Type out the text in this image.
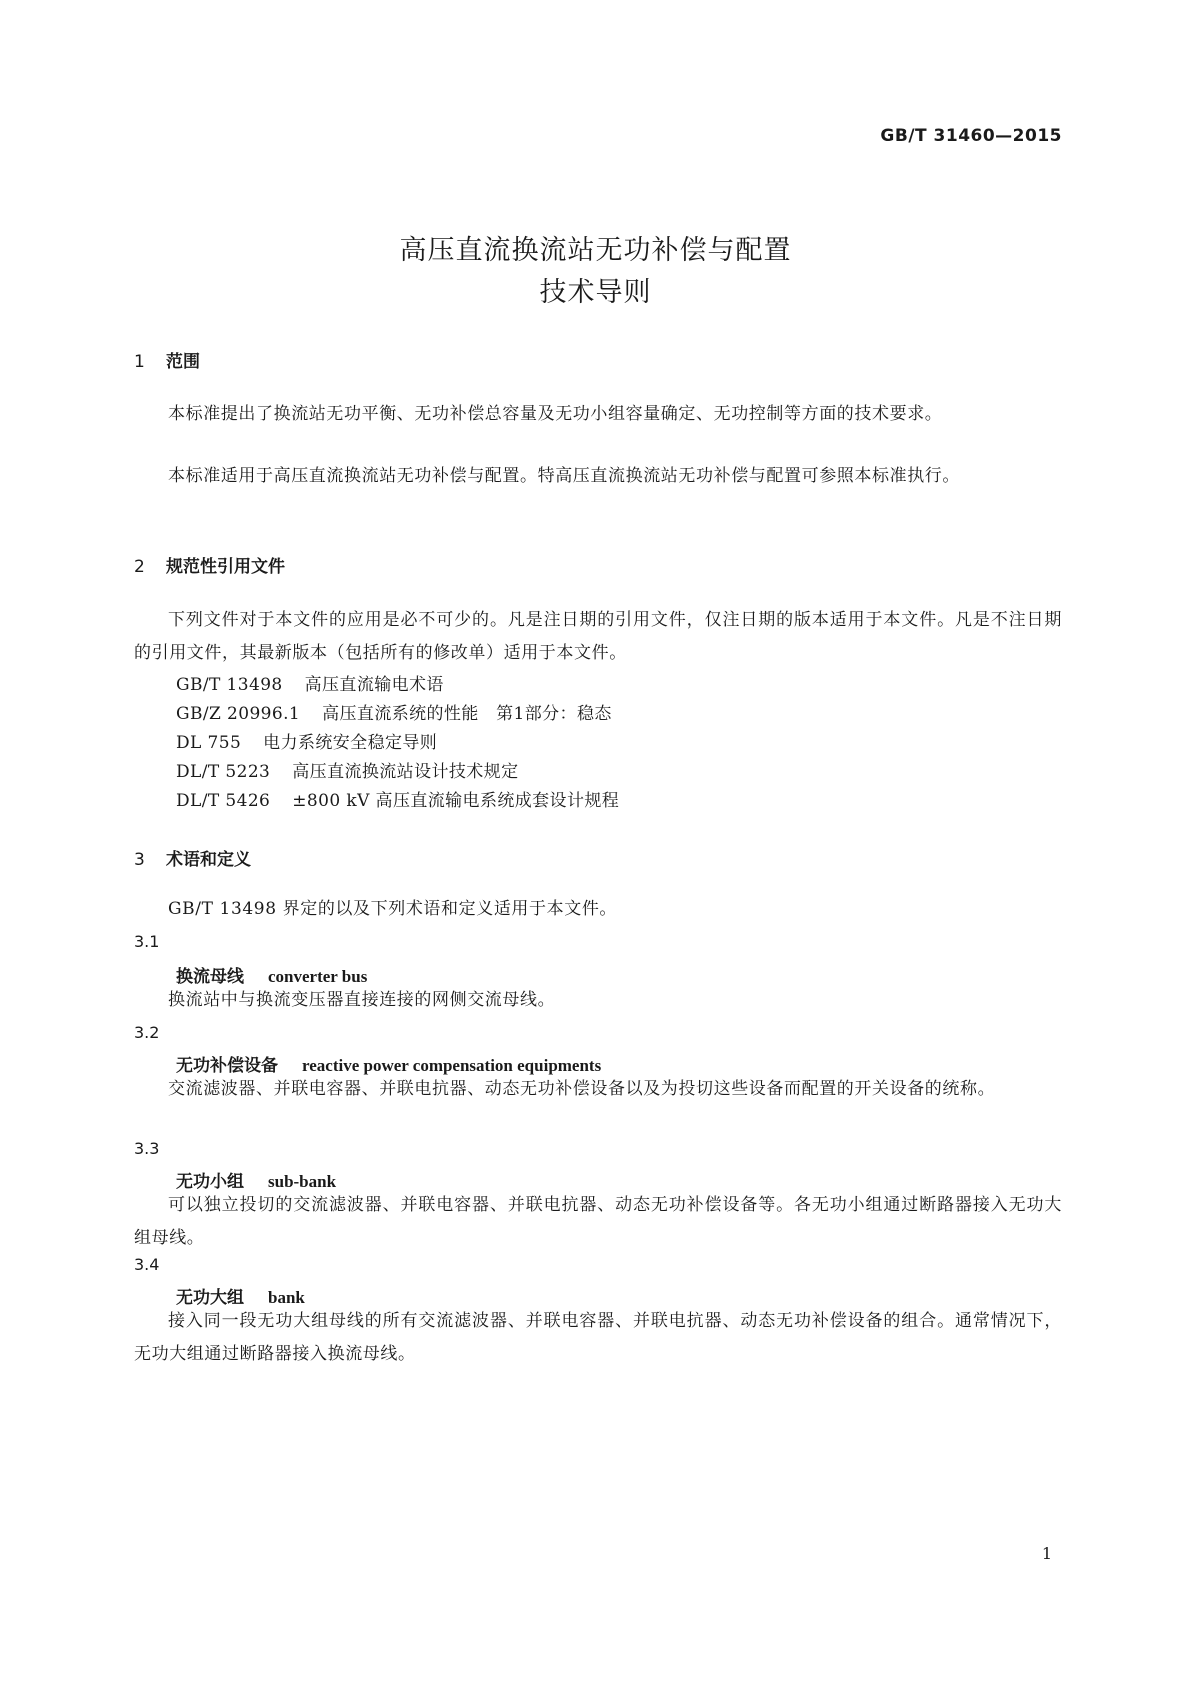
GB/T 31460—2015
高压直流换流站无功补偿与配置
技术导则
1 范围
本标准提出了换流站无功平衡、无功补偿总容量及无功小组容量确定、无功控制等方面的技术要求。
本标准适用于高压直流换流站无功补偿与配置。特高压直流换流站无功补偿与配置可参照本标准执行。
2 规范性引用文件
下列文件对于本文件的应用是必不可少的。凡是注日期的引用文件，仅注日期的版本适用于本文件。凡是不注日期的引用文件，其最新版本（包括所有的修改单）适用于本文件。
GB/T 13498 高压直流输电术语
GB/Z 20996.1 高压直流系统的性能　第1部分：稳态
DL 755 电力系统安全稳定导则
DL/T 5223 高压直流换流站设计技术规定
DL/T 5426 ±800 kV 高压直流输电系统成套设计规程
3 术语和定义
GB/T 13498 界定的以及下列术语和定义适用于本文件。
3.1
换流母线 converter bus
换流站中与换流变压器直接连接的网侧交流母线。
3.2
无功补偿设备 reactive power compensation equipments
交流滤波器、并联电容器、并联电抗器、动态无功补偿设备以及为投切这些设备而配置的开关设备的统称。
3.3
无功小组 sub-bank
可以独立投切的交流滤波器、并联电容器、并联电抗器、动态无功补偿设备等。各无功小组通过断路器接入无功大组母线。
3.4
无功大组 bank
接入同一段无功大组母线的所有交流滤波器、并联电容器、并联电抗器、动态无功补偿设备的组合。通常情况下，无功大组通过断路器接入换流母线。
1
